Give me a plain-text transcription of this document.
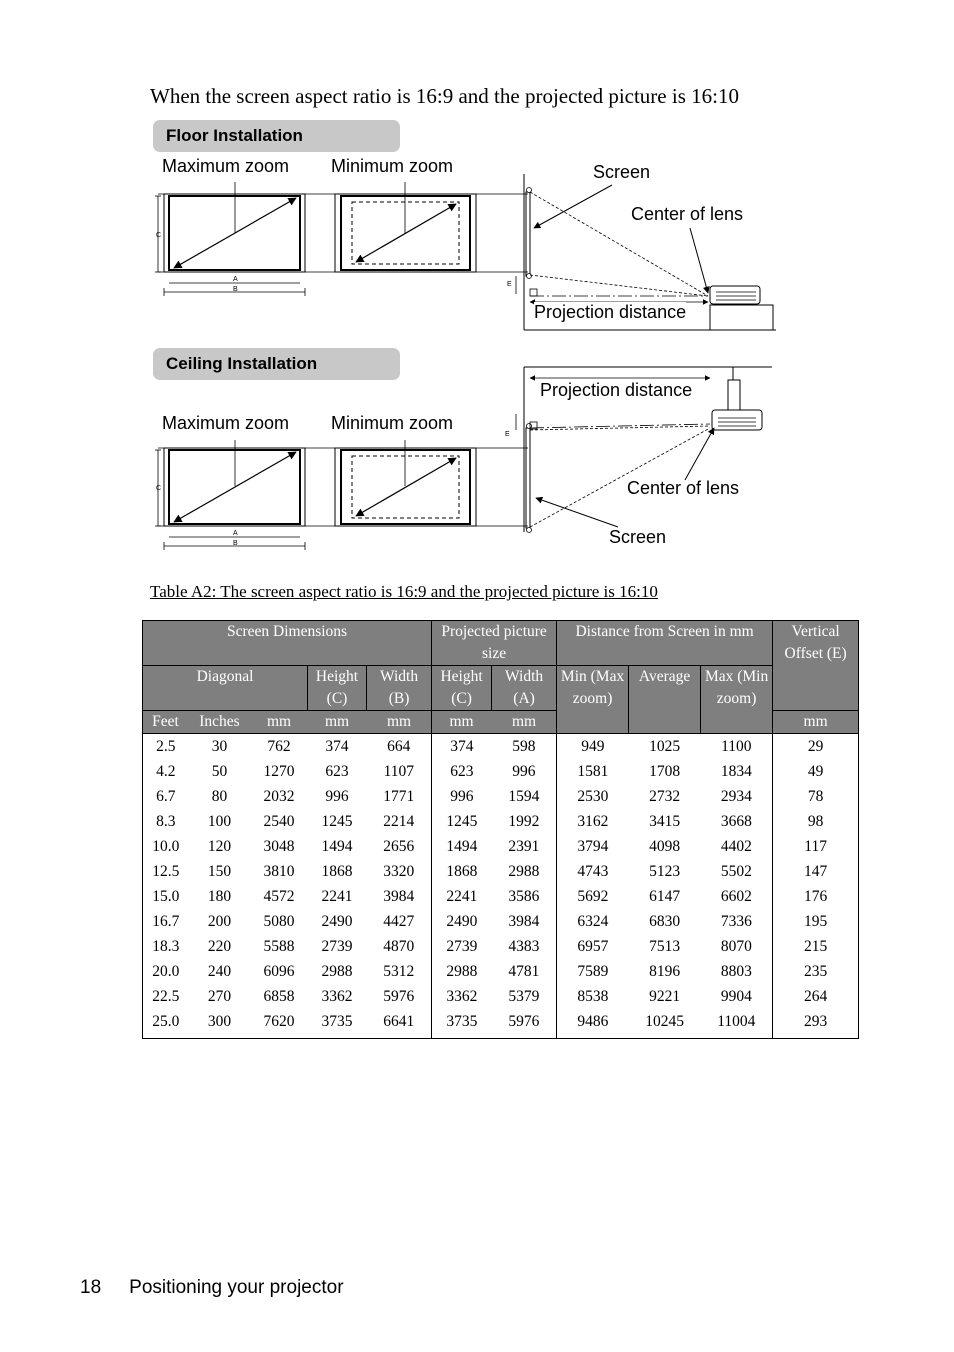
When the screen aspect ratio is 16:9 and the projected picture is 16:10
Floor Installation
Maximum zoom Minimum zoom	Screen
Center of lens
Projection distance
C
A
B
E
Ceiling Installation
Maximum zoom Minimum zoom
Projection distance
Center of lens
Screen
C
A
B
E
Table A2: The screen aspect ratio is 16:9 and the projected picture is 16:10
Screen Dimensions					Projected picture size		Distance from Screen in mm			Vertical Offset (E)
Diagonal			Height (C)	Width (B)	Height (C)	Width (A)	Min (Max zoom)	Average	Max (Min zoom)	
Feet	Inches	mm	mm	mm	mm	mm				mm
2.5	30	762	374	664	374	598	949	1025	1100	29
4.2	50	1270	623	1107	623	996	1581	1708	1834	49
6.7	80	2032	996	1771	996	1594	2530	2732	2934	78
8.3	100	2540	1245	2214	1245	1992	3162	3415	3668	98
10.0	120	3048	1494	2656	1494	2391	3794	4098	4402	117
12.5	150	3810	1868	3320	1868	2988	4743	5123	5502	147
15.0	180	4572	2241	3984	2241	3586	5692	6147	6602	176
16.7	200	5080	2490	4427	2490	3984	6324	6830	7336	195
18.3	220	5588	2739	4870	2739	4383	6957	7513	8070	215
20.0	240	6096	2988	5312	2988	4781	7589	8196	8803	235
22.5	270	6858	3362	5976	3362	5379	8538	9221	9904	264
25.0	300	7620	3735	6641	3735	5976	9486	10245	11004	293
18 Positioning your projector
